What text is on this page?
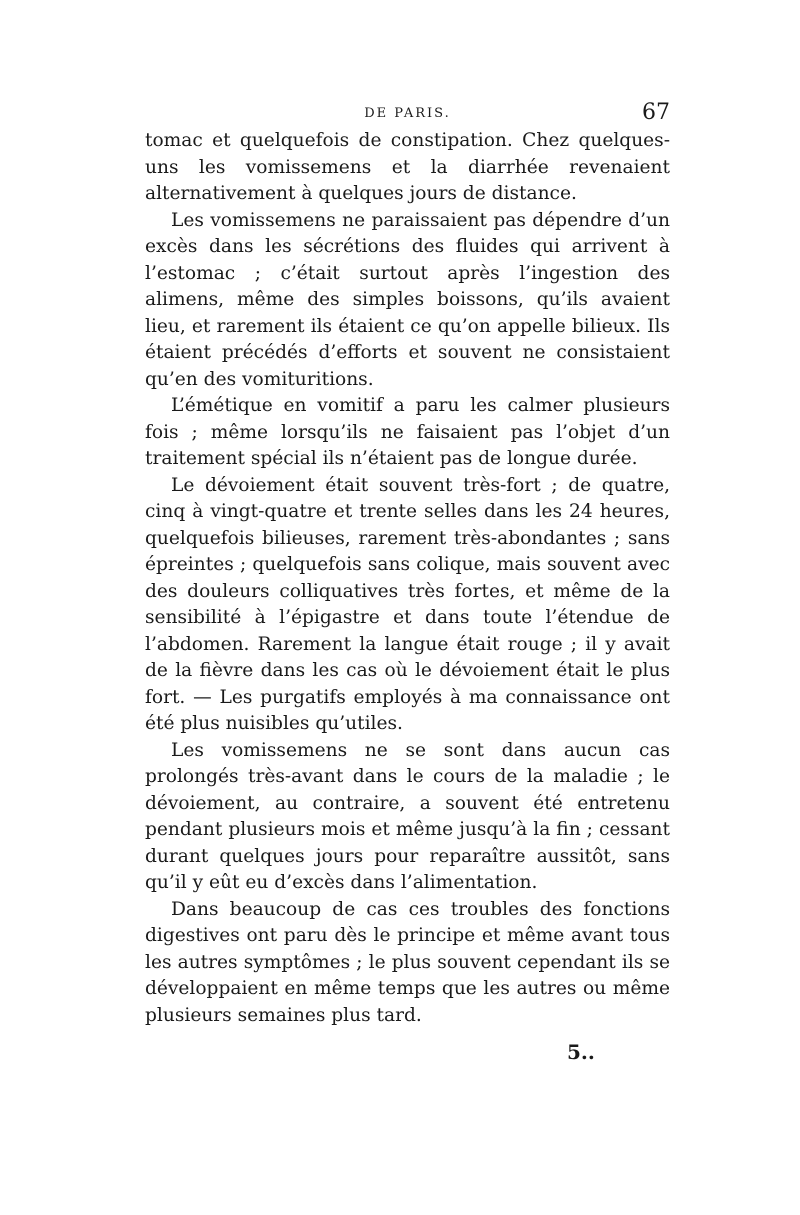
DE PARIS.	67

tomac et quelquefois de constipation. Chez quelques-uns les vomissemens et la diarrhée revenaient alternativement à quelques jours de distance.

Les vomissemens ne paraissaient pas dépendre d’un excès dans les sécrétions des fluides qui arrivent à l’estomac ; c’était surtout après l’ingestion des alimens, même des simples boissons, qu’ils avaient lieu, et rarement ils étaient ce qu’on appelle bilieux. Ils étaient précédés d’efforts et souvent ne consistaient qu’en des vomituritions.

L’émétique en vomitif a paru les calmer plusieurs fois ; même lorsqu’ils ne faisaient pas l’objet d’un traitement spécial ils n’étaient pas de longue durée.

Le dévoiement était souvent très-fort ; de quatre, cinq à vingt-quatre et trente selles dans les 24 heures, quelquefois bilieuses, rarement très-abondantes ; sans épreintes ; quelquefois sans colique, mais souvent avec des douleurs colliquatives très fortes, et même de la sensibilité à l’épigastre et dans toute l’étendue de l’abdomen. Rarement la langue était rouge ; il y avait de la fièvre dans les cas où le dévoiement était le plus fort. — Les purgatifs employés à ma connaissance ont été plus nuisibles qu’utiles.

Les vomissemens ne se sont dans aucun cas prolongés très-avant dans le cours de la maladie ; le dévoiement, au contraire, a souvent été entretenu pendant plusieurs mois et même jusqu’à la fin ; cessant durant quelques jours pour reparaître aussitôt, sans qu’il y eût eu d’excès dans l’alimentation.

Dans beaucoup de cas ces troubles des fonctions digestives ont paru dès le principe et même avant tous les autres symptômes ; le plus souvent cependant ils se développaient en même temps que les autres ou même plusieurs semaines plus tard.

5..
